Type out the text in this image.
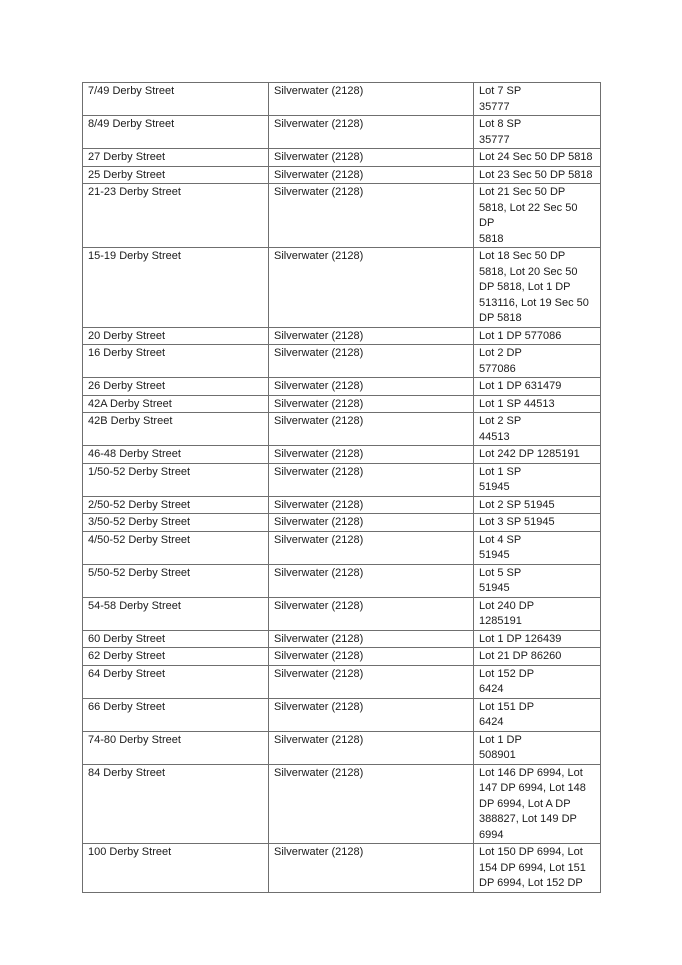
7/49 Derby Street	Silverwater (2128)	Lot 7 SP
35777
8/49 Derby Street	Silverwater (2128)	Lot 8 SP
35777
27 Derby Street	Silverwater (2128)	Lot 24 Sec 50 DP 5818
25 Derby Street	Silverwater (2128)	Lot 23 Sec 50 DP 5818
21-23 Derby Street	Silverwater (2128)	Lot 21 Sec 50 DP
5818, Lot 22 Sec 50
DP
5818
15-19 Derby Street	Silverwater (2128)	Lot 18 Sec 50 DP
5818, Lot 20 Sec 50
DP 5818, Lot 1 DP
513116, Lot 19 Sec 50
DP 5818
20 Derby Street	Silverwater (2128)	Lot 1 DP 577086
16 Derby Street	Silverwater (2128)	Lot 2 DP
577086
26 Derby Street	Silverwater (2128)	Lot 1 DP 631479
42A Derby Street	Silverwater (2128)	Lot 1 SP 44513
42B Derby Street	Silverwater (2128)	Lot 2 SP
44513
46-48 Derby Street	Silverwater (2128)	Lot 242 DP 1285191
1/50-52 Derby Street	Silverwater (2128)	Lot 1 SP
51945
2/50-52 Derby Street	Silverwater (2128)	Lot 2 SP 51945
3/50-52 Derby Street	Silverwater (2128)	Lot 3 SP 51945
4/50-52 Derby Street	Silverwater (2128)	Lot 4 SP
51945
5/50-52 Derby Street	Silverwater (2128)	Lot 5 SP
51945
54-58 Derby Street	Silverwater (2128)	Lot 240 DP
1285191
60 Derby Street	Silverwater (2128)	Lot 1 DP 126439
62 Derby Street	Silverwater (2128)	Lot 21 DP 86260
64 Derby Street	Silverwater (2128)	Lot 152 DP
6424
66 Derby Street	Silverwater (2128)	Lot 151 DP
6424
74-80 Derby Street	Silverwater (2128)	Lot 1 DP
508901
84 Derby Street	Silverwater (2128)	Lot 146 DP 6994, Lot
147 DP 6994, Lot 148
DP 6994, Lot A DP
388827, Lot 149 DP
6994
100 Derby Street	Silverwater (2128)	Lot 150 DP 6994, Lot
154 DP 6994, Lot 151
DP 6994, Lot 152 DP
